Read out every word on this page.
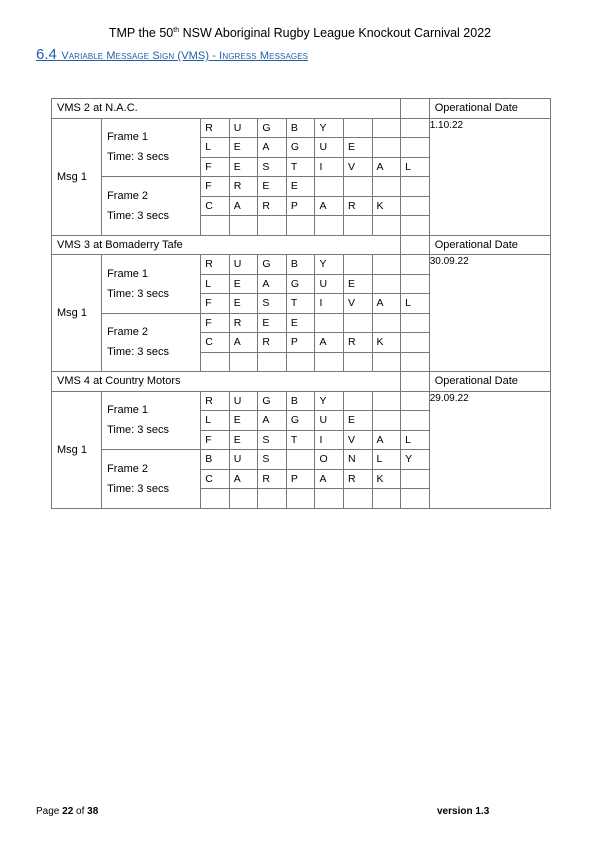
TMP the 50th NSW Aboriginal Rugby League Knockout Carnival 2022
6.4 Variable Message Sign (VMS) - Ingress Messages
VMS 2 at N.A.C.										Operational Date
Msg 1	Frame 1
Time: 3 secs	R	U	G	B	Y				1.10.22
		L	E	A	G	U	E			
		F	E	S	T	I	V	A	L	

	Frame 2
Time: 3 secs	F	R	E	E					
		C	A	R	P	A	R	K		

VMS 3 at Bomaderry Tafe										Operational Date
Msg 1	Frame 1
Time: 3 secs	R	U	G	B	Y				30.09.22
		L	E	A	G	U	E			
		F	E	S	T	I	V	A	L	

	Frame 2
Time: 3 secs	F	R	E	E					
		C	A	R	P	A	R	K		

VMS 4 at Country Motors										Operational Date
Msg 1	Frame 1
Time: 3 secs	R	U	G	B	Y				29.09.22
		L	E	A	G	U	E			
		F	E	S	T	I	V	A	L	

	Frame 2
Time: 3 secs	B	U	S		O	N	L	Y	
		C	A	R	P	A	R	K		

Page 22 of 38	version 1.3
